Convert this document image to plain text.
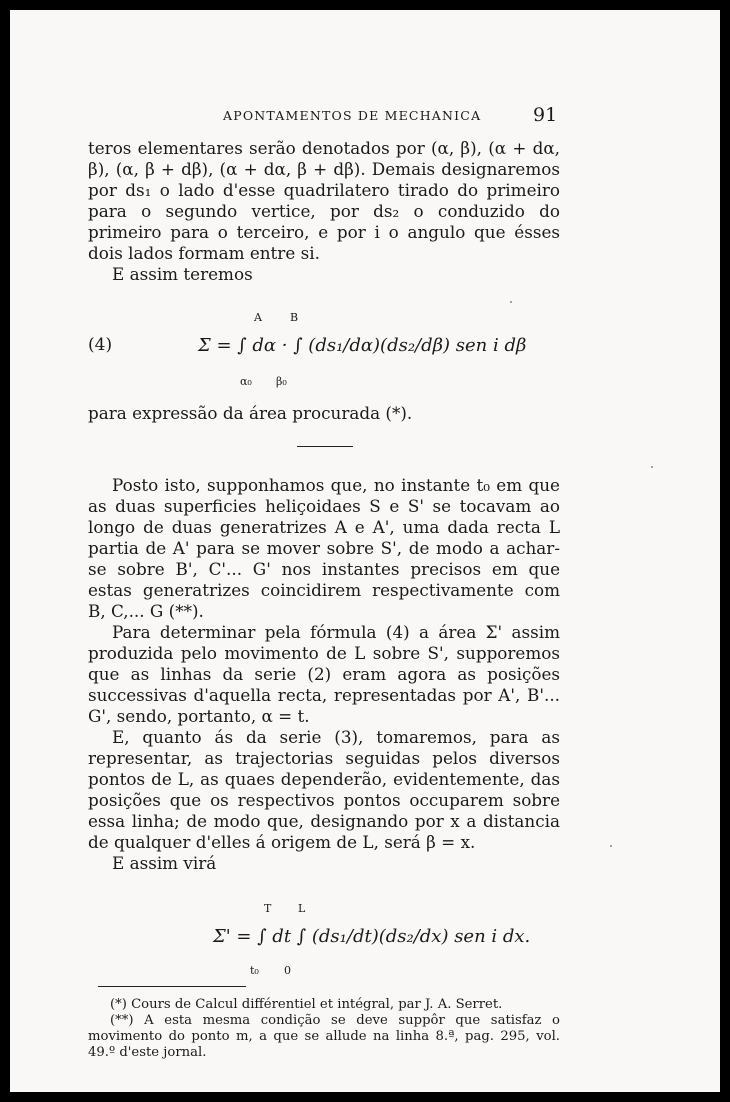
APONTAMENTOS DE MECHANICA	91

teros elementares serão denotados por (α, β), (α + dα, β), (α, β + dβ), (α + dα, β + dβ). Demais designaremos por ds₁ o lado d'esse quadrilatero tirado do primeiro para o segundo vertice, por ds₂ o conduzido do primeiro para o terceiro, e por i o angulo que ésses dois lados formam entre si.

E assim teremos

(4)
A	B
Σ = ∫ dα · ∫ (ds₁/dα)(ds₂/dβ) sen i dβ
α₀ β₀

para expressão da área procurada (*).

Posto isto, supponhamos que, no instante t₀ em que as duas superficies heliçoidaes S e S' se tocavam ao longo de duas generatrizes A e A', uma dada recta L partia de A' para se mover sobre S', de modo a achar-se sobre B', C'... G' nos instantes precisos em que estas generatrizes coincidirem respectivamente com B, C,... G (**).

Para determinar pela fórmula (4) a área Σ' assim produzida pelo movimento de L sobre S', supporemos que as linhas da serie (2) eram agora as posições successivas d'aquella recta, representadas por A', B'... G', sendo, portanto, α = t.

E, quanto ás da serie (3), tomaremos, para as representar, as trajectorias seguidas pelos diversos pontos de L, as quaes dependerão, evidentemente, das posições que os respectivos pontos occuparem sobre essa linha; de modo que, designando por x a distancia de qualquer d'elles á origem de L, será β = x.

E assim virá

T L
Σ' = ∫ dt ∫ (ds₁/dt)(ds₂/dx) sen i dx.
t₀ 0

(*) Cours de Calcul différentiel et intégral, par J. A. Serret.

(**) A esta mesma condição se deve suppôr que satisfaz o movimento do ponto m, a que se allude na linha 8.ª, pag. 295, vol. 49.º d'este jornal.
